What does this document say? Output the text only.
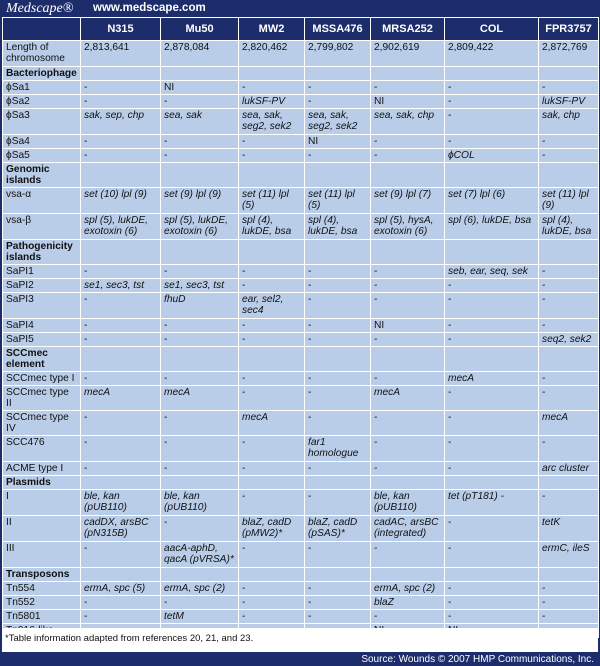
Medscape® www.medscape.com
	N315	Mu50	MW2	MSSA476	MRSA252	COL	FPR3757
Length of chromosome	2,813,641	2,878,084	2,820,462	2,799,802	2,902,619	2,809,422	2,872,769
Bacteriophage							
ϕSa1	-	NI	-	-	-	-	-
ϕSa2	-	-	lukSF-PV	-	NI	-	lukSF-PV
ϕSa3	sak, sep, chp	sea, sak	sea, sak, seg2, sek2	sea, sak, seg2, sek2	sea, sak, chp	-	sak, chp
ϕSa4	-	-	-	NI	-	-	-
ϕSa5	-	-	-	-	-	ϕCOL	-
Genomic islands							
vsa-α	set (10) lpl (9)	set (9) lpl (9)	set (11) lpl (5)	set (11) lpl (5)	set (9) lpl (7)	set (7) lpl (6)	set (11) lpl (9)
vsa-β	spl (5), lukDE, exotoxin (6)	spl (5), lukDE, exotoxin (6)	spl (4), lukDE, bsa	spl (4), lukDE, bsa	spl (5), hysA, exotoxin (6)	spl (6), lukDE, bsa	spl (4), lukDE, bsa
Pathogenicity islands							
SaPI1	-	-	-	-	-	seb, ear, seq, sek	-
SaPI2	se1, sec3, tst	se1, sec3, tst	-	-	-	-	-
SaPI3	-	fhuD	ear, sel2, sec4	-	-	-	-
SaPI4	-	-	-	-	NI	-	-
SaPI5	-	-	-	-	-	-	seq2, sek2
SCCmec element							
SCCmec type I	-	-	-	-	-	mecA	-
SCCmec type II	mecA	mecA	-	-	mecA	-	-
SCCmec type IV	-	-	mecA	-	-	-	mecA
SCC476	-	-	-	far1 homologue	-	-	-
ACME type I	-	-	-	-	-	-	arc cluster
Plasmids							
I	ble, kan (pUB110)	ble, kan (pUB110)	-	-	ble, kan (pUB110)	tet (pT181) -	-
II	cadDX, arsBC (pN315B)	-	blaZ, cadD (pMW2)*	blaZ, cadD (pSAS)*	cadAC, arsBC (integrated)	-	tetK
III	-	aacA-aphD, qacA (pVRSA)*	-	-	-	-	ermC, ileS
Transposons							
Tn554	ermA, spc (5)	ermA, spc (2)	-	-	ermA, spc (2)	-	-
Tn552	-	-	-	-	blaZ	-	-
Tn5801	-	tetM	-	-	-	-	-

*Table information adapted from references 20, 21, and 23.
Source: Wounds © 2007 HMP Communications, Inc.
